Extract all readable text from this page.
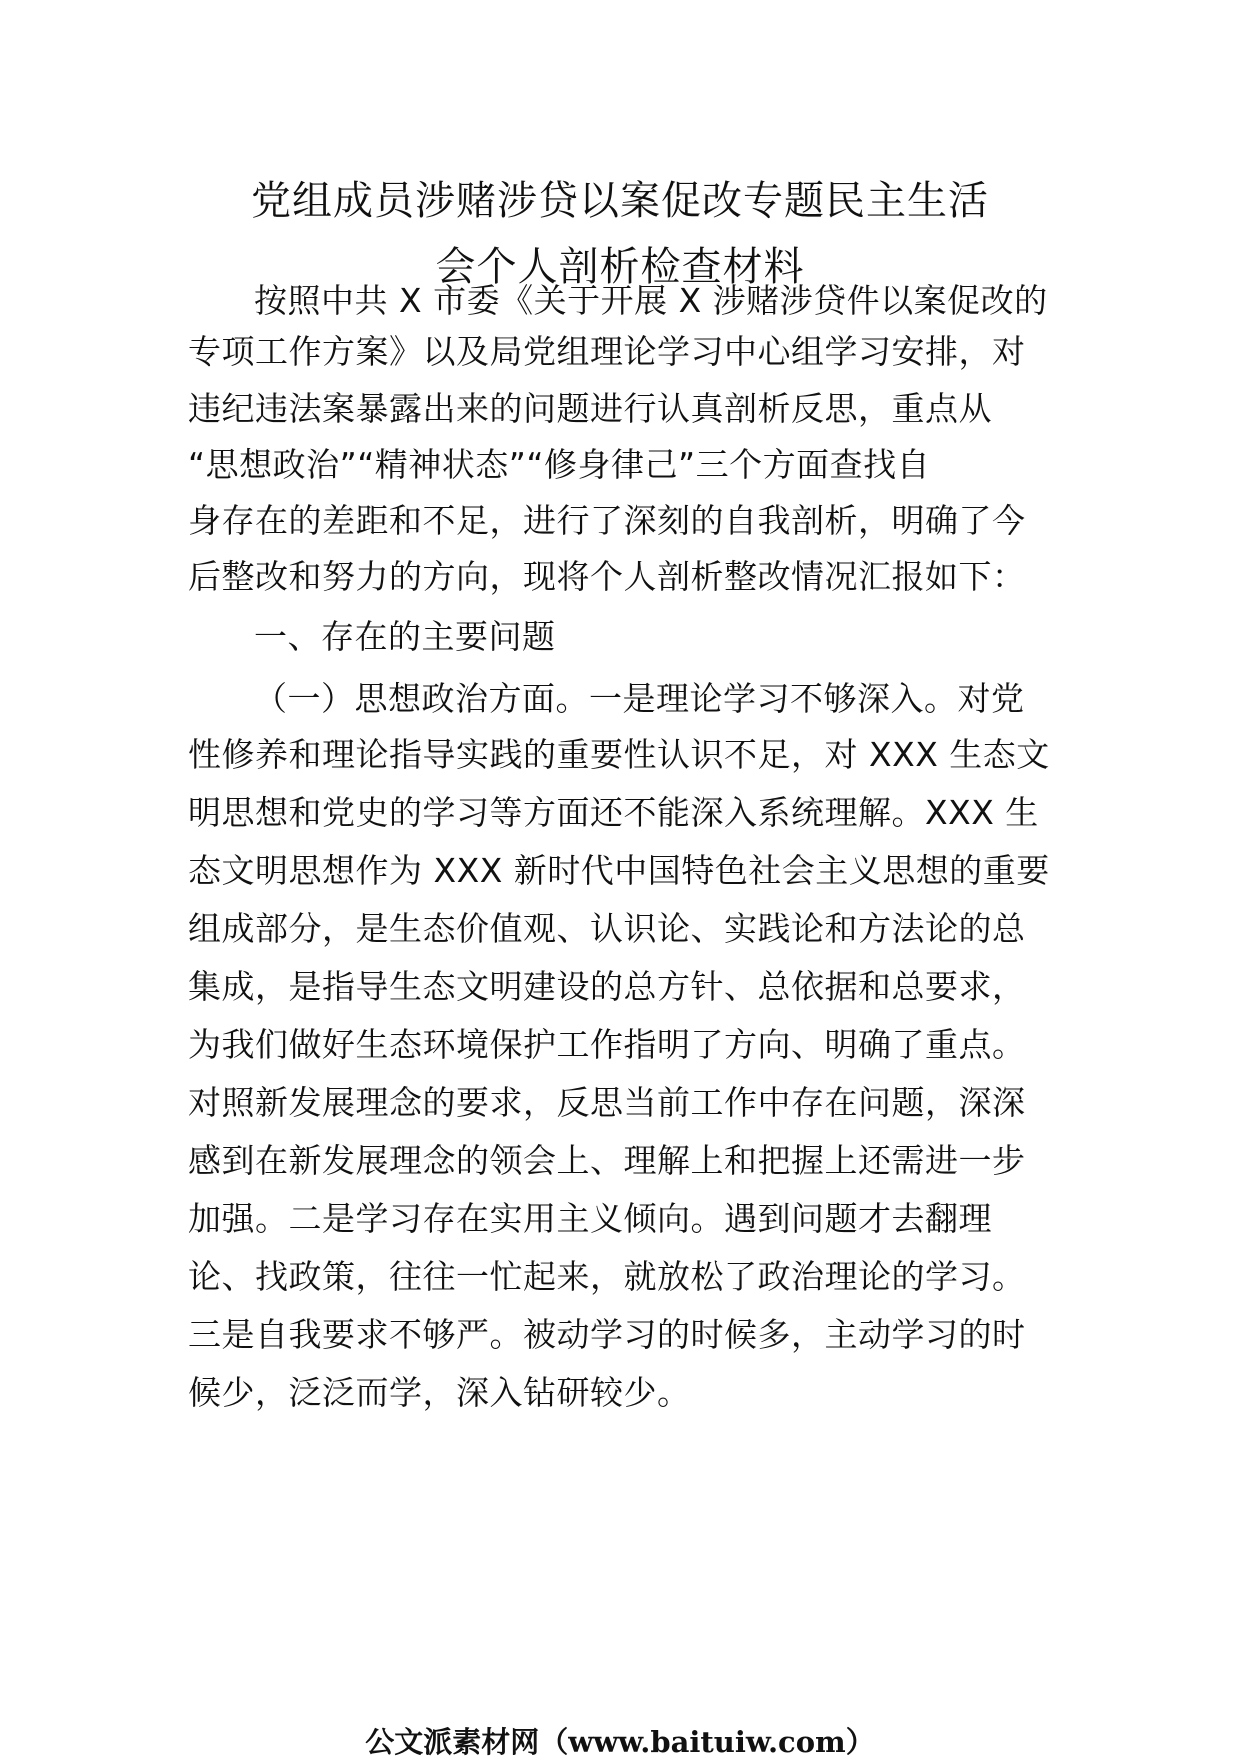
党组成员涉赌涉贷以案促改专题民主生活
会个人剖析检查材料
按照中共 X 市委《关于开展 X 涉赌涉贷件以案促改的
专项工作方案》以及局党组理论学习中心组学习安排，对
违纪违法案暴露出来的问题进行认真剖析反思，重点从
“思想政治”“精神状态”“修身律己”三个方面查找自
身存在的差距和不足，进行了深刻的自我剖析，明确了今
后整改和努力的方向，现将个人剖析整改情况汇报如下：
一、存在的主要问题
（一）思想政治方面。一是理论学习不够深入。对党
性修养和理论指导实践的重要性认识不足，对 XXX 生态文
明思想和党史的学习等方面还不能深入系统理解。XXX 生
态文明思想作为 XXX 新时代中国特色社会主义思想的重要
组成部分，是生态价值观、认识论、实践论和方法论的总
集成，是指导生态文明建设的总方针、总依据和总要求，
为我们做好生态环境保护工作指明了方向、明确了重点。
对照新发展理念的要求，反思当前工作中存在问题，深深
感到在新发展理念的领会上、理解上和把握上还需进一步
加强。二是学习存在实用主义倾向。遇到问题才去翻理
论、找政策，往往一忙起来，就放松了政治理论的学习。
三是自我要求不够严。被动学习的时候多，主动学习的时
候少，泛泛而学，深入钻研较少。
公文派素材网（www.baituiw.com）
